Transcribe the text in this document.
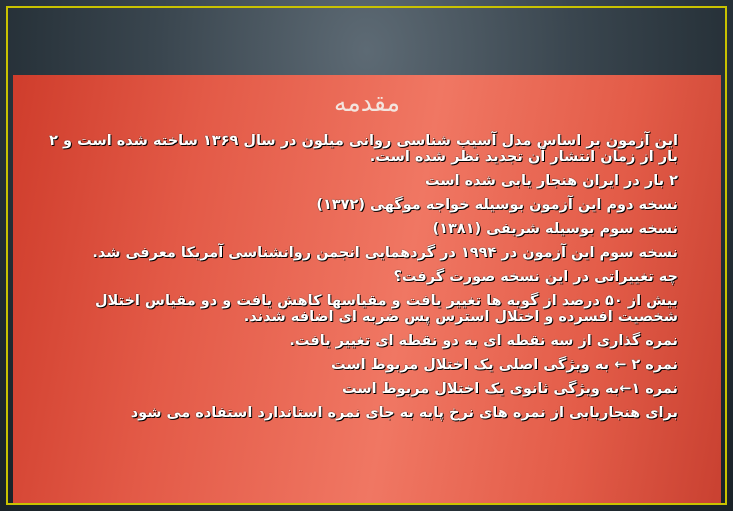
مقدمه
این آزمون بر اساس مدل آسیب شناسی روانی میلون در سال ۱۳۶۹ ساخته شده است و ۲ بار از زمان انتشار آن تجدید نظر شده است.
۲ بار در ایران هنجار یابی شده است
نسخه دوم این آزمون بوسیله خواجه موگهی (۱۳۷۲)
نسخه سوم بوسیله شریفی (۱۳۸۱)
نسخه سوم این آزمون در ۱۹۹۴ در گردهمایی انجمن روانشناسی آمریکا معرفی شد.
چه تغییراتی در این نسخه صورت گرفت؟
بیش از ۵۰ درصد از گویه ها تغییر یافت و مقیاسها کاهش یافت و دو مقیاس اختلال شخصیت افسرده و اختلال استرس پس ضربه ای اضافه شدند.
نمره گذاری از سه نقطه ای به دو نقطه ای تغییر یافت.
نمره ۲ ← به ویژگی اصلی یک اختلال مربوط است
نمره ۱←به ویژگی ثانوی یک اختلال مربوط است
برای هنجاریابی از نمره های نرخ پایه به جای نمره استاندارد استفاده می شود
